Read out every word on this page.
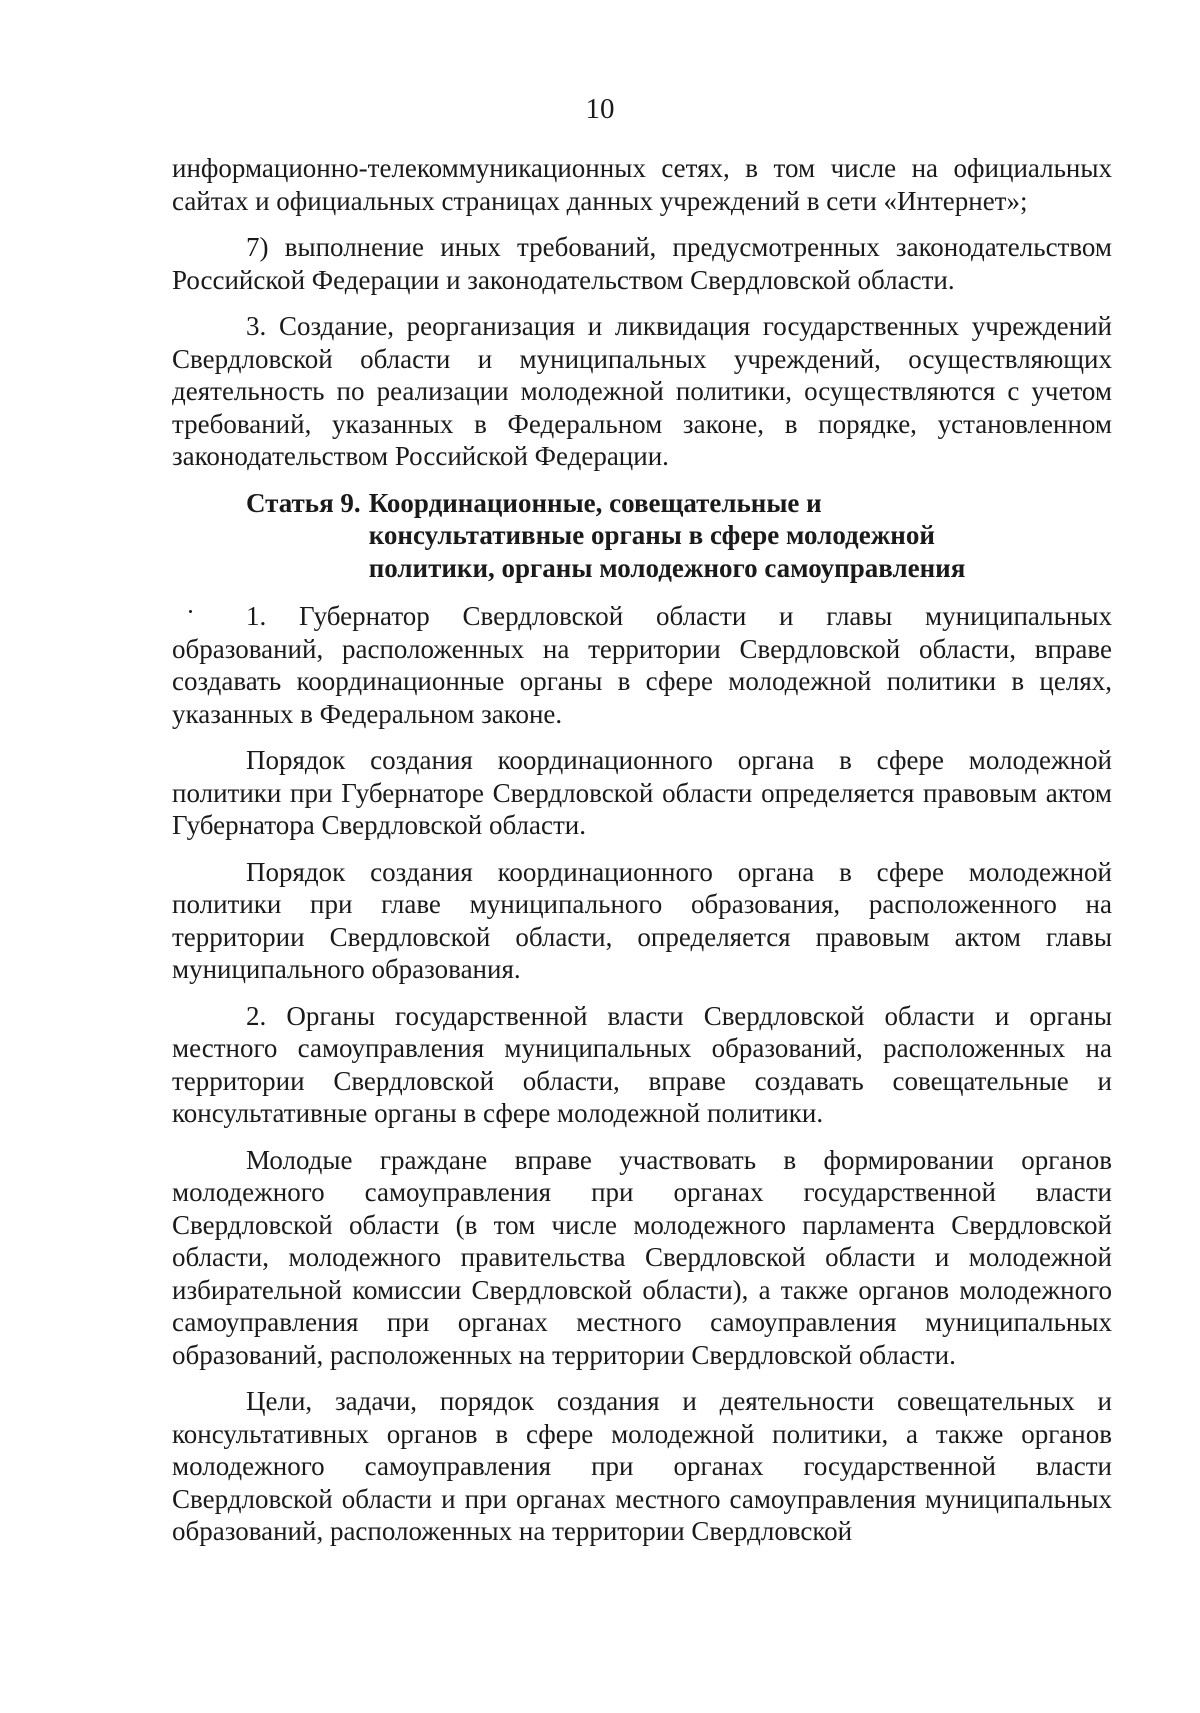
10

информационно-телекоммуникационных сетях, в том числе на официальных сайтах и официальных страницах данных учреждений в сети «Интернет»;

7) выполнение иных требований, предусмотренных законодательством Российской Федерации и законодательством Свердловской области.

3. Создание, реорганизация и ликвидация государственных учреждений Свердловской области и муниципальных учреждений, осуществляющих деятельность по реализации молодежной политики, осуществляются с учетом требований, указанных в Федеральном законе, в порядке, установленном законодательством Российской Федерации.

Статья 9. Координационные, совещательные и консультативные органы в сфере молодежной политики, органы молодежного самоуправления

1. Губернатор Свердловской области и главы муниципальных образований, расположенных на территории Свердловской области, вправе создавать координационные органы в сфере молодежной политики в целях, указанных в Федеральном законе.

Порядок создания координационного органа в сфере молодежной политики при Губернаторе Свердловской области определяется правовым актом Губернатора Свердловской области.

Порядок создания координационного органа в сфере молодежной политики при главе муниципального образования, расположенного на территории Свердловской области, определяется правовым актом главы муниципального образования.

2. Органы государственной власти Свердловской области и органы местного самоуправления муниципальных образований, расположенных на территории Свердловской области, вправе создавать совещательные и консультативные органы в сфере молодежной политики.

Молодые граждане вправе участвовать в формировании органов молодежного самоуправления при органах государственной власти Свердловской области (в том числе молодежного парламента Свердловской области, молодежного правительства Свердловской области и молодежной избирательной комиссии Свердловской области), а также органов молодежного самоуправления при органах местного самоуправления муниципальных образований, расположенных на территории Свердловской области.

Цели, задачи, порядок создания и деятельности совещательных и консультативных органов в сфере молодежной политики, а также органов молодежного самоуправления при органах государственной власти Свердловской области и при органах местного самоуправления муниципальных образований, расположенных на территории Свердловской
